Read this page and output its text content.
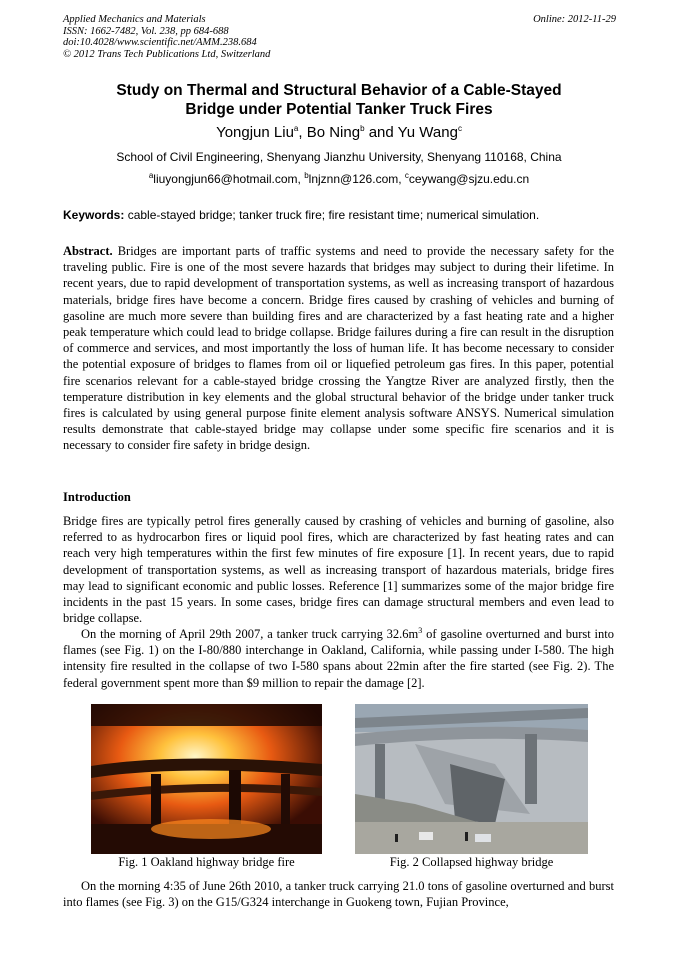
Applied Mechanics and Materials
ISSN: 1662-7482, Vol. 238, pp 684-688
doi:10.4028/www.scientific.net/AMM.238.684
© 2012 Trans Tech Publications Ltd, Switzerland
Online: 2012-11-29
Study on Thermal and Structural Behavior of a Cable-Stayed
Bridge under Potential Tanker Truck Fires
Yongjun Liu$^a$, Bo Ning$^b$ and Yu Wang$^c$
School of Civil Engineering, Shenyang Jianzhu University, Shenyang 110168, China
$^a$liuyongjun66@hotmail.com, $^b$lnjznn@126.com, $^c$ceywang@sjzu.edu.cn
Keywords: cable-stayed bridge; tanker truck fire; fire resistant time; numerical simulation.
Abstract. Bridges are important parts of traffic systems and need to provide the necessary safety for the traveling public. Fire is one of the most severe hazards that bridges may subject to during their lifetime. In recent years, due to rapid development of transportation systems, as well as increasing transport of hazardous materials, bridge fires have become a concern. Bridge fires caused by crashing of vehicles and burning of gasoline are much more severe than building fires and are characterized by a fast heating rate and a higher peak temperature which could lead to bridge collapse. Bridge failures during a fire can result in the disruption of commerce and services, and most importantly the loss of human life. It has become necessary to consider the potential exposure of bridges to flames from oil or liquefied petroleum gas fires. In this paper, potential fire scenarios relevant for a cable-stayed bridge crossing the Yangtze River are analyzed firstly, then the temperature distribution in key elements and the global structural behavior of the bridge under tanker truck fires is calculated by using general purpose finite element analysis software ANSYS. Numerical simulation results demonstrate that cable-stayed bridge may collapse under some specific fire scenarios and it is necessary to consider fire safety in bridge design.
Introduction
Bridge fires are typically petrol fires generally caused by crashing of vehicles and burning of gasoline, also referred to as hydrocarbon fires or liquid pool fires, which are characterized by fast heating rates and can reach very high temperatures within the first few minutes of fire exposure [1]. In recent years, due to rapid development of transportation systems, as well as increasing transport of hazardous materials, bridge fires may lead to significant economic and public losses. Reference [1] summarizes some of the major bridge fire incidents in the past 15 years. In some cases, bridge fires can damage structural members and even lead to bridge collapse.
On the morning of April 29th 2007, a tanker truck carrying $32.6m^3$ of gasoline overturned and burst into flames (see Fig. 1) on the I-80/880 interchange in Oakland, California, while passing under I-580. The high intensity fire resulted in the collapse of two I-580 spans about 22min after the fire started (see Fig. 2). The federal government spent more than $9 million to repair the damage [2].
Fig. 1 Oakland highway bridge fire	Fig. 2 Collapsed highway bridge
On the morning 4:35 of June 26th 2010, a tanker truck carrying 21.0 tons of gasoline overturned and burst into flames (see Fig. 3) on the G15/G324 interchange in Guokeng town, Fujian Province,
